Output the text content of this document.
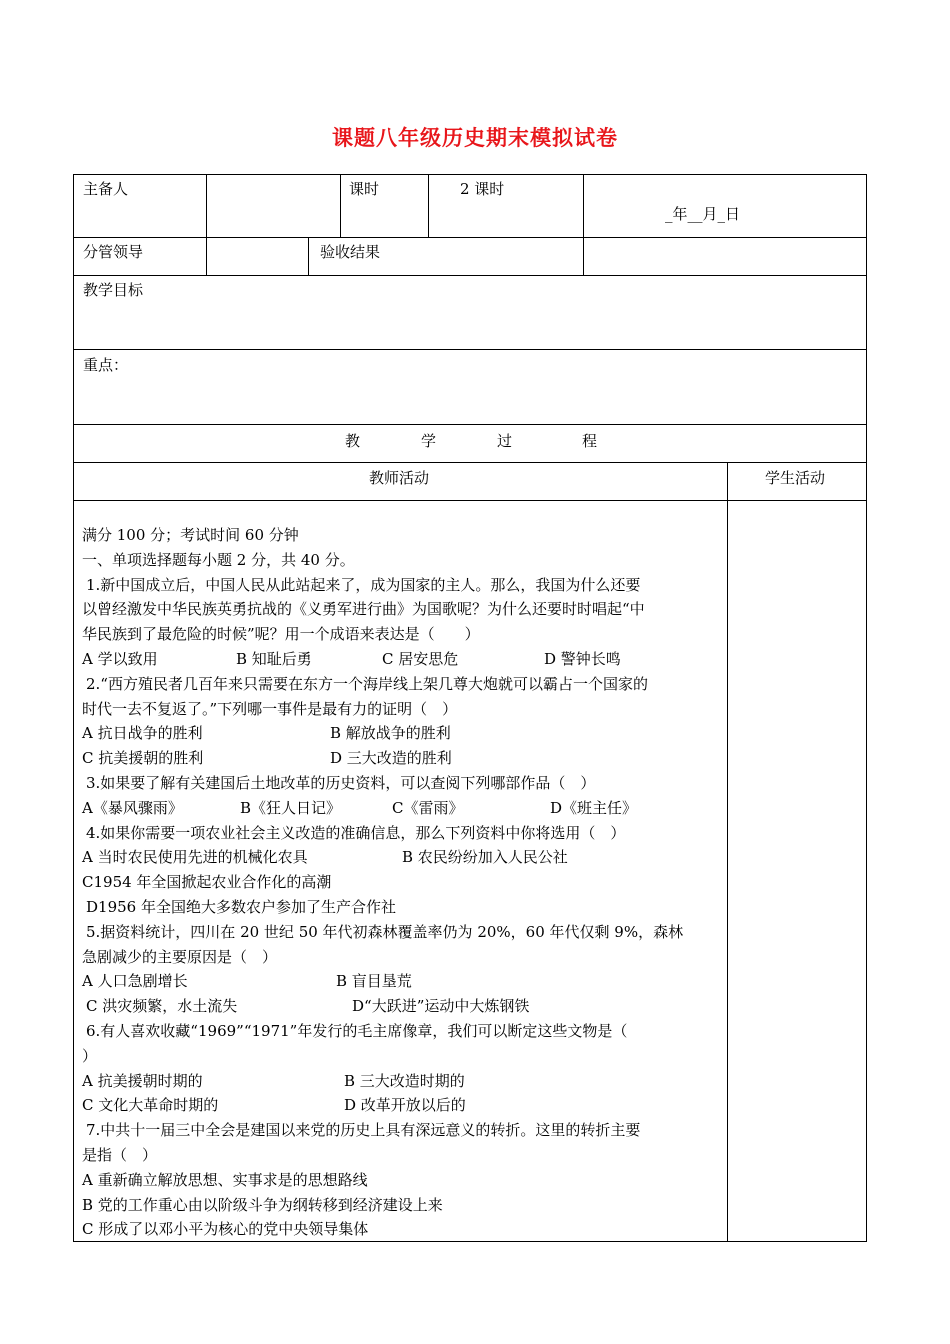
课题八年级历史期末模拟试卷
主备人	课时	2 课时
_年__月_日
分管领导	验收结果
教学目标
重点：
教	学	过	程
教师活动	学生活动
满分 100 分；考试时间 60 分钟
一、单项选择题每小题 2 分，共 40 分。
1.新中国成立后，中国人民从此站起来了，成为国家的主人。那么，我国为什么还要
以曾经激发中华民族英勇抗战的《义勇军进行曲》为国歌呢？为什么还要时时唱起“中
华民族到了最危险的时候”呢？用一个成语来表达是（　　）
A 学以致用	B 知耻后勇	C 居安思危	D 警钟长鸣
2.“西方殖民者几百年来只需要在东方一个海岸线上架几尊大炮就可以霸占一个国家的
时代一去不复返了。”下列哪一事件是最有力的证明（　）
A 抗日战争的胜利	B 解放战争的胜利
C 抗美援朝的胜利	D 三大改造的胜利
3.如果要了解有关建国后土地改革的历史资料，可以查阅下列哪部作品（　）
A《暴风骤雨》	B《狂人日记》	C《雷雨》	D《班主任》
4.如果你需要一项农业社会主义改造的准确信息，那么下列资料中你将选用（　）
A 当时农民使用先进的机械化农具	B 农民纷纷加入人民公社
C1954 年全国掀起农业合作化的高潮
D1956 年全国绝大多数农户参加了生产合作社
5.据资料统计，四川在 20 世纪 50 年代初森林覆盖率仍为 20%，60 年代仅剩 9%，森林
急剧减少的主要原因是（　）
A 人口急剧增长	B 盲目垦荒
C 洪灾频繁，水土流失	D“大跃进”运动中大炼钢铁
6.有人喜欢收藏“1969”“1971”年发行的毛主席像章，我们可以断定这些文物是（
）
A 抗美援朝时期的	B 三大改造时期的
C 文化大革命时期的	D 改革开放以后的
7.中共十一届三中全会是建国以来党的历史上具有深远意义的转折。这里的转折主要
是指（　）
A 重新确立解放思想、实事求是的思想路线
B 党的工作重心由以阶级斗争为纲转移到经济建设上来
C 形成了以邓小平为核心的党中央领导集体
